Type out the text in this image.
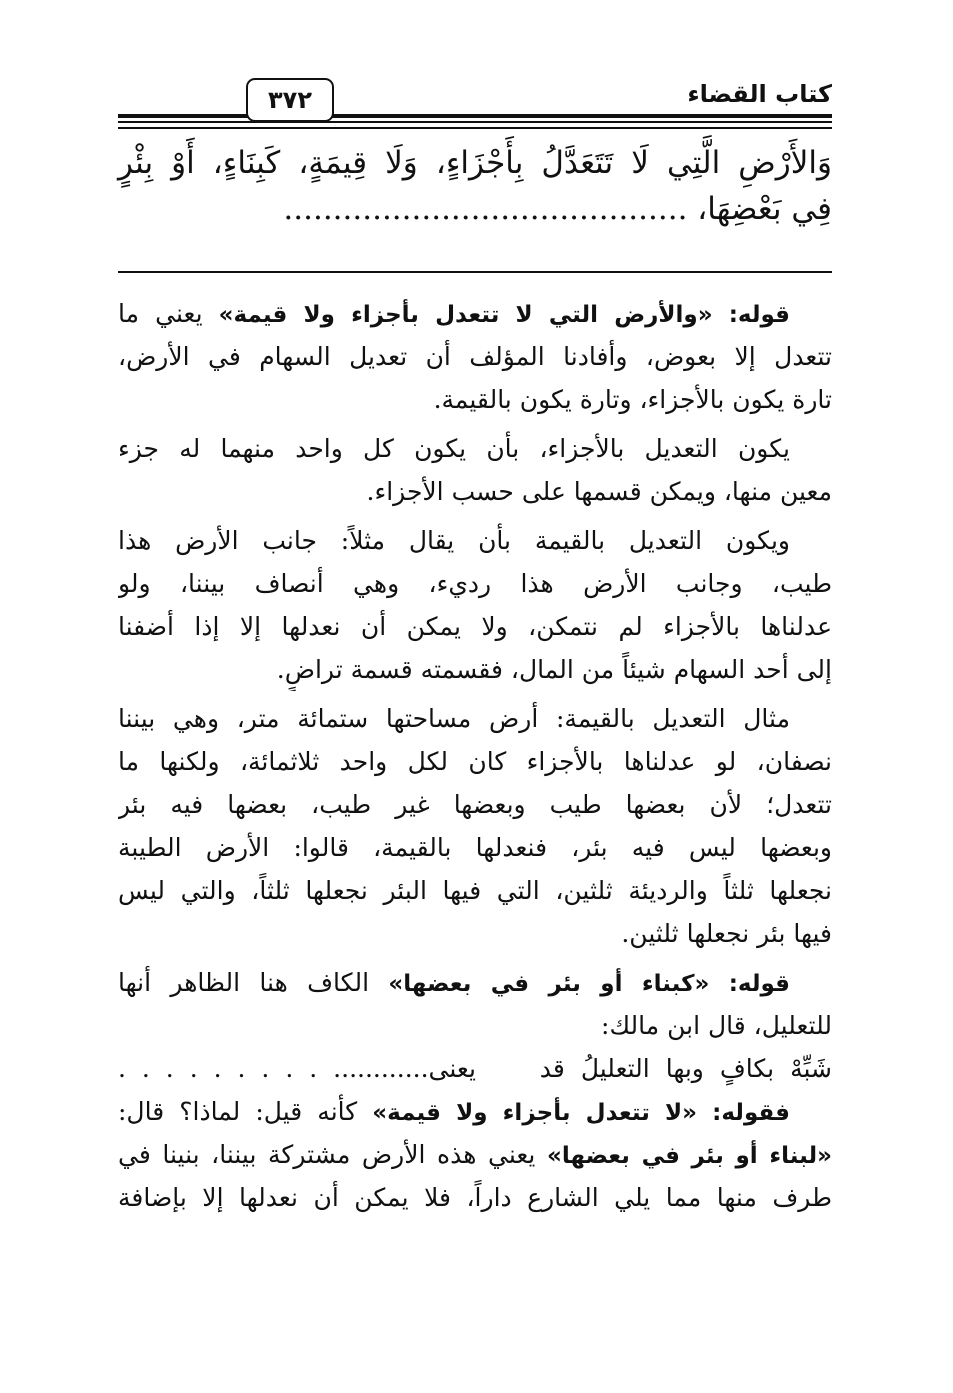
كتاب القضاء
٣٧٢
وَالأَرْضِ الَّتِي لَا تَتَعَدَّلُ بِأَجْزَاءٍ، وَلَا قِيمَةٍ، كَبِنَاءٍ، أَوْ بِئْرٍ
فِي بَعْضِهَا، .........................................
قوله: «والأرض التي لا تتعدل بأجزاء ولا قيمة» يعني ما
تتعدل إلا بعوض، وأفادنا المؤلف أن تعديل السهام في الأرض،
تارة يكون بالأجزاء، وتارة يكون بالقيمة.
يكون التعديل بالأجزاء، بأن يكون كل واحد منهما له جزء
معين منها، ويمكن قسمها على حسب الأجزاء.
ويكون التعديل بالقيمة بأن يقال مثلاً: جانب الأرض هذا
طيب، وجانب الأرض هذا رديء، وهي أنصاف بيننا، ولو
عدلناها بالأجزاء لم نتمكن، ولا يمكن أن نعدلها إلا إذا أضفنا
إلى أحد السهام شيئاً من المال، فقسمته قسمة تراضٍ.
مثال التعديل بالقيمة: أرض مساحتها ستمائة متر، وهي بيننا
نصفان، لو عدلناها بالأجزاء كان لكل واحد ثلاثمائة، ولكنها ما
تتعدل؛ لأن بعضها طيب وبعضها غير طيب، بعضها فيه بئر
وبعضها ليس فيه بئر، فنعدلها بالقيمة، قالوا: الأرض الطيبة
نجعلها ثلثاً والرديئة ثلثين، التي فيها البئر نجعلها ثلثاً، والتي ليس
فيها بئر نجعلها ثلثين.
قوله: «كبناء أو بئر في بعضها» الكاف هنا الظاهر أنها
للتعليل، قال ابن مالك:
شَبِّهْ بكافٍ وبها التعليلُ قد    يعنى............ . . . . . . . . .
فقوله: «لا تتعدل بأجزاء ولا قيمة» كأنه قيل: لماذا؟ قال:
«لبناء أو بئر في بعضها» يعني هذه الأرض مشتركة بيننا، بنينا في
طرف منها مما يلي الشارع داراً، فلا يمكن أن نعدلها إلا بإضافة
